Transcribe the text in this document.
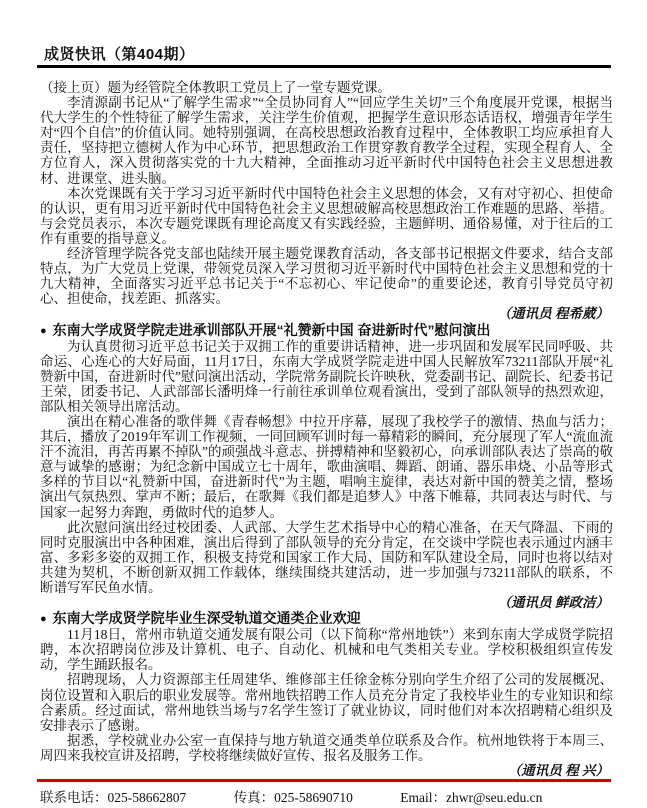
成贤快讯（第404期）

（接上页）题为经管院全体教职工党员上了一堂专题党课。

李清源副书记从“了解学生需求”“全员协同育人”“回应学生关切”三个角度展开党课，根据当代大学生的个性特征了解学生需求，关注学生价值观，把握学生意识形态话语权，增强青年学生对“四个自信”的价值认同。她特别强调，在高校思想政治教育过程中，全体教职工均应承担育人责任，坚持把立德树人作为中心环节，把思想政治工作贯穿教育教学全过程，实现全程育人、全方位育人，深入贯彻落实党的十九大精神，全面推动习近平新时代中国特色社会主义思想进教材、进课堂、进头脑。

本次党课既有关于学习习近平新时代中国特色社会主义思想的体会，又有对守初心、担使命的认识，更有用习近平新时代中国特色社会主义思想破解高校思想政治工作难题的思路、举措。与会党员表示，本次专题党课既有理论高度又有实践经验，主题鲜明、通俗易懂，对于往后的工作有重要的指导意义。

经济管理学院各党支部也陆续开展主题党课教育活动，各支部书记根据文件要求，结合支部特点，为广大党员上党课，带领党员深入学习贯彻习近平新时代中国特色社会主义思想和党的十九大精神，全面落实习近平总书记关于“不忘初心、牢记使命”的重要论述，教育引导党员守初心、担使命，找差距、抓落实。

（通讯员 程希葳）

● 东南大学成贤学院走进承训部队开展“礼赞新中国 奋进新时代”慰问演出

为认真贯彻习近平总书记关于双拥工作的重要讲话精神，进一步巩固和发展军民同呼吸、共命运、心连心的大好局面，11月17日，东南大学成贤学院走进中国人民解放军73211部队开展“礼赞新中国，奋进新时代”慰问演出活动，学院常务副院长许映秋，党委副书记、副院长、纪委书记王荣，团委书记、人武部部长潘明烽一行前往承训单位观看演出，受到了部队领导的热烈欢迎，部队相关领导出席活动。

演出在精心准备的歌伴舞《青春畅想》中拉开序幕，展现了我校学子的激情、热血与活力；其后，播放了2019年军训工作视频，一同回顾军训时每一幕精彩的瞬间，充分展现了军人“流血流汗不流泪，再苦再累不掉队”的顽强战斗意志、拼搏精神和坚毅初心，向承训部队表达了崇高的敬意与诚挚的感谢；为纪念新中国成立七十周年，歌曲演唱、舞蹈、朗诵、器乐串烧、小品等形式多样的节目以“礼赞新中国，奋进新时代”为主题，唱响主旋律，表达对新中国的赞美之情，整场演出气氛热烈、掌声不断；最后，在歌舞《我们都是追梦人》中落下帷幕，共同表达与时代、与国家一起努力奔跑，勇做时代的追梦人。

此次慰问演出经过校团委、人武部、大学生艺术指导中心的精心准备，在天气降温、下雨的同时克服演出中各种困难，演出后得到了部队领导的充分肯定，在交谈中学院也表示通过内涵丰富、多彩多姿的双拥工作，积极支持党和国家工作大局、国防和军队建设全局，同时也将以结对共建为契机，不断创新双拥工作载体，继续围绕共建活动，进一步加强与73211部队的联系，不断谱写军民鱼水情。

（通讯员 鲜政洁）

● 东南大学成贤学院毕业生深受轨道交通类企业欢迎

11月18日，常州市轨道交通发展有限公司（以下简称“常州地铁”）来到东南大学成贤学院招聘，本次招聘岗位涉及计算机、电子、自动化、机械和电气类相关专业。学校积极组织宣传发动，学生踊跃报名。

招聘现场，人力资源部主任周建华、维修部主任徐金栋分别向学生介绍了公司的发展概况、岗位设置和入职后的职业发展等。常州地铁招聘工作人员充分肯定了我校毕业生的专业知识和综合素质。经过面试，常州地铁当场与7名学生签订了就业协议，同时他们对本次招聘精心组织及安排表示了感谢。

据悉，学校就业办公室一直保持与地方轨道交通类单位联系及合作。杭州地铁将于本周三、周四来我校宣讲及招聘，学校将继续做好宣传、报名及服务工作。

（通讯员 程 兴）

联系电话：025-58662807	传真：025-58690710	Email：zhwr@seu.edu.cn
